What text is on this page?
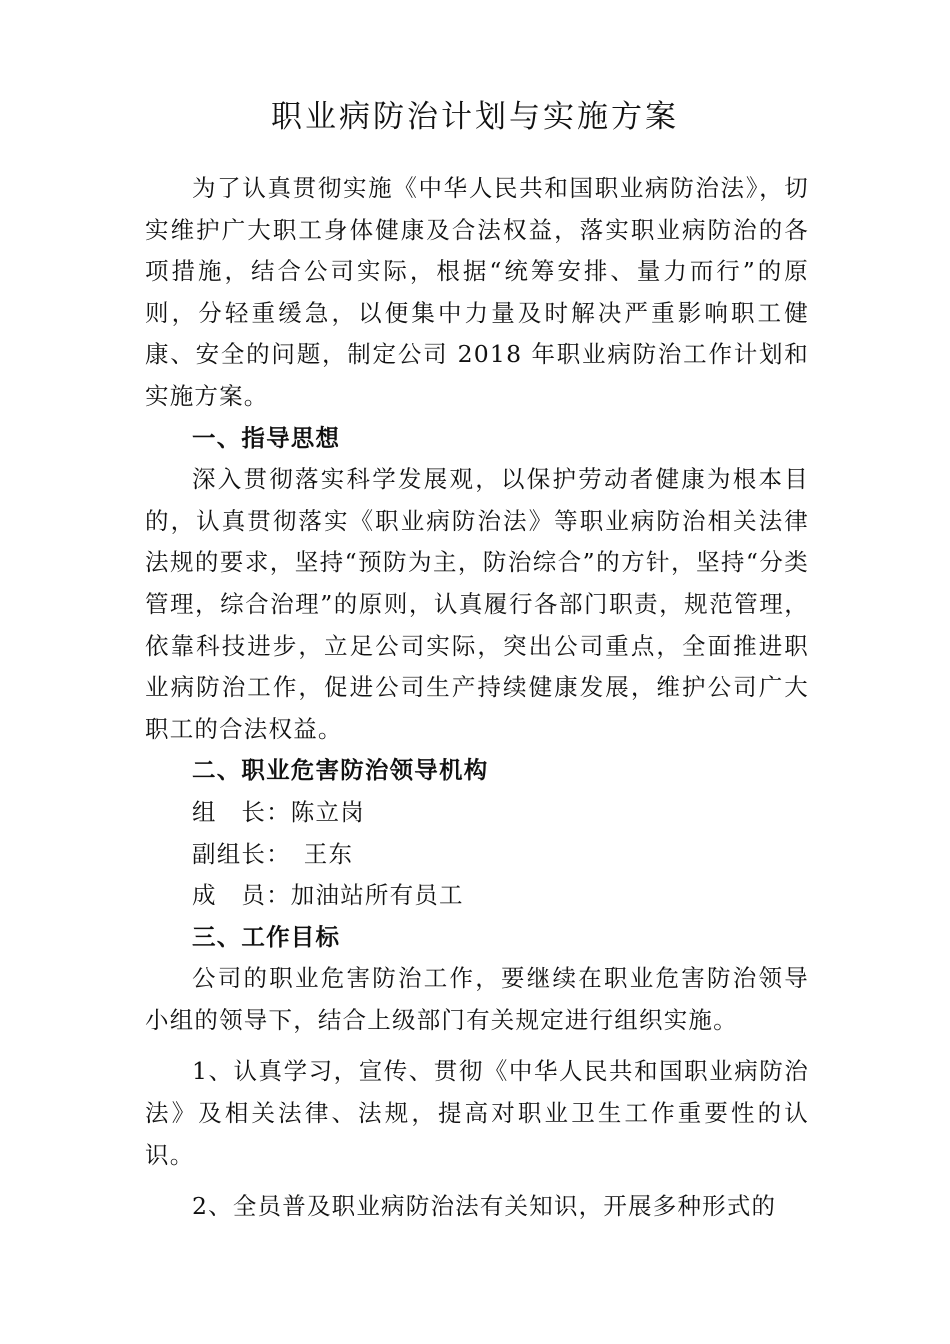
职业病防治计划与实施方案

为了认真贯彻实施《中华人民共和国职业病防治法》，切实维护广大职工身体健康及合法权益，落实职业病防治的各项措施，结合公司实际，根据“统筹安排、量力而行”的原则，分轻重缓急，以便集中力量及时解决严重影响职工健康、安全的问题，制定公司 2018 年职业病防治工作计划和实施方案。

一、指导思想

深入贯彻落实科学发展观，以保护劳动者健康为根本目的，认真贯彻落实《职业病防治法》等职业病防治相关法律法规的要求，坚持“预防为主，防治综合”的方针，坚持“分类管理，综合治理”的原则，认真履行各部门职责，规范管理，依靠科技进步，立足公司实际，突出公司重点，全面推进职业病防治工作，促进公司生产持续健康发展，维护公司广大职工的合法权益。

二、职业危害防治领导机构

组　长：陈立岗

副组长：　王东

成　员：加油站所有员工

三、工作目标

公司的职业危害防治工作，要继续在职业危害防治领导小组的领导下，结合上级部门有关规定进行组织实施。

1、认真学习，宣传、贯彻《中华人民共和国职业病防治法》及相关法律、法规，提高对职业卫生工作重要性的认识。

2、全员普及职业病防治法有关知识，开展多种形式的
